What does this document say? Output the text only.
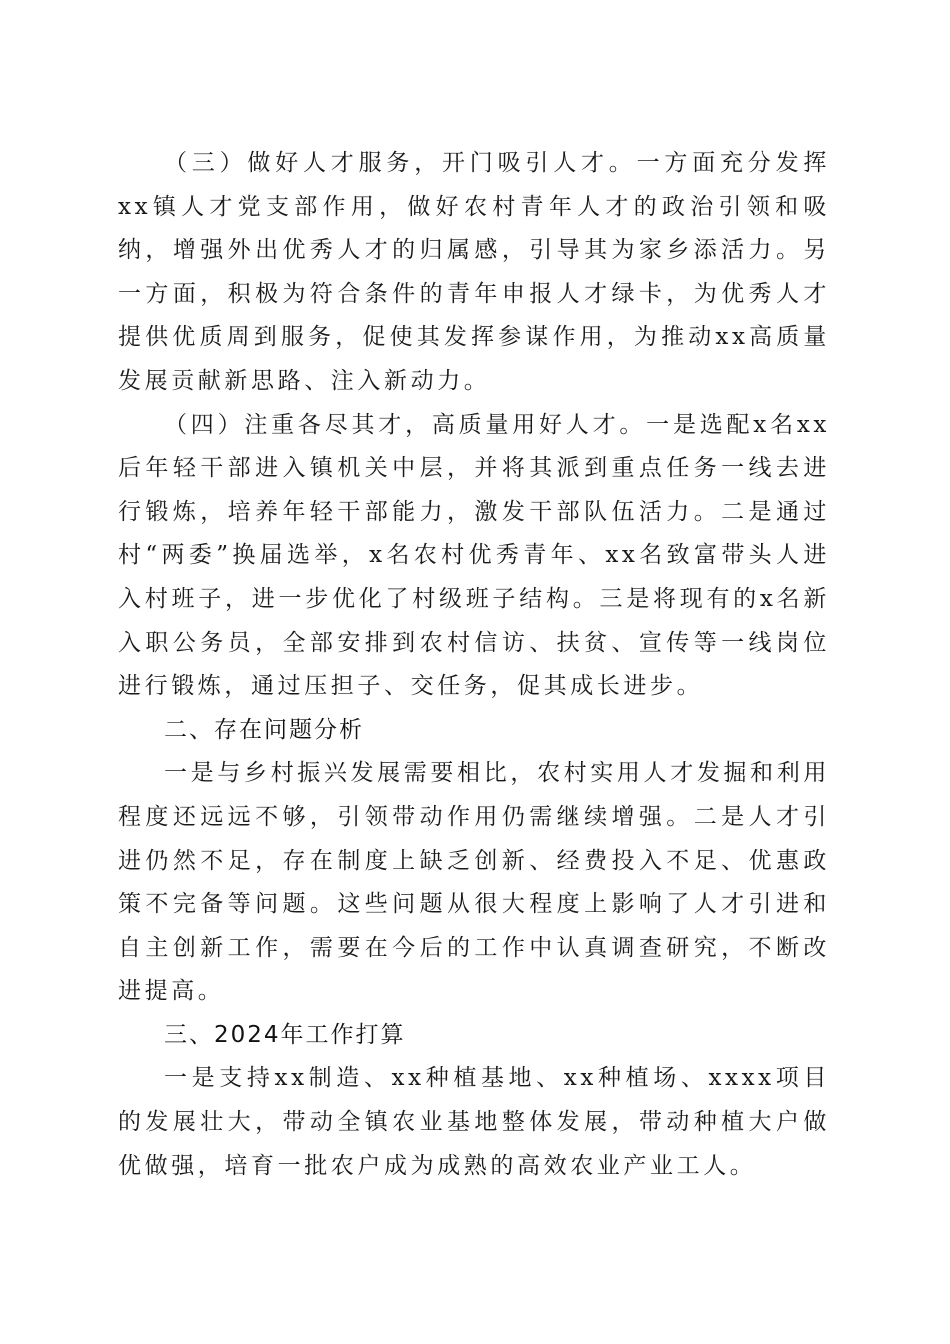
（三）做好人才服务，开门吸引人才。一方面充分发挥xx镇人才党支部作用，做好农村青年人才的政治引领和吸纳，增强外出优秀人才的归属感，引导其为家乡添活力。另一方面，积极为符合条件的青年申报人才绿卡，为优秀人才提供优质周到服务，促使其发挥参谋作用，为推动xx高质量发展贡献新思路、注入新动力。

（四）注重各尽其才，高质量用好人才。一是选配x名xx后年轻干部进入镇机关中层，并将其派到重点任务一线去进行锻炼，培养年轻干部能力，激发干部队伍活力。二是通过村“两委”换届选举，x名农村优秀青年、xx名致富带头人进入村班子，进一步优化了村级班子结构。三是将现有的x名新入职公务员，全部安排到农村信访、扶贫、宣传等一线岗位进行锻炼，通过压担子、交任务，促其成长进步。

二、存在问题分析

一是与乡村振兴发展需要相比，农村实用人才发掘和利用程度还远远不够，引领带动作用仍需继续增强。二是人才引进仍然不足，存在制度上缺乏创新、经费投入不足、优惠政策不完备等问题。这些问题从很大程度上影响了人才引进和自主创新工作，需要在今后的工作中认真调查研究，不断改进提高。

三、2024年工作打算

一是支持xx制造、xx种植基地、xx种植场、xxxx项目的发展壮大，带动全镇农业基地整体发展，带动种植大户做优做强，培育一批农户成为成熟的高效农业产业工人。
